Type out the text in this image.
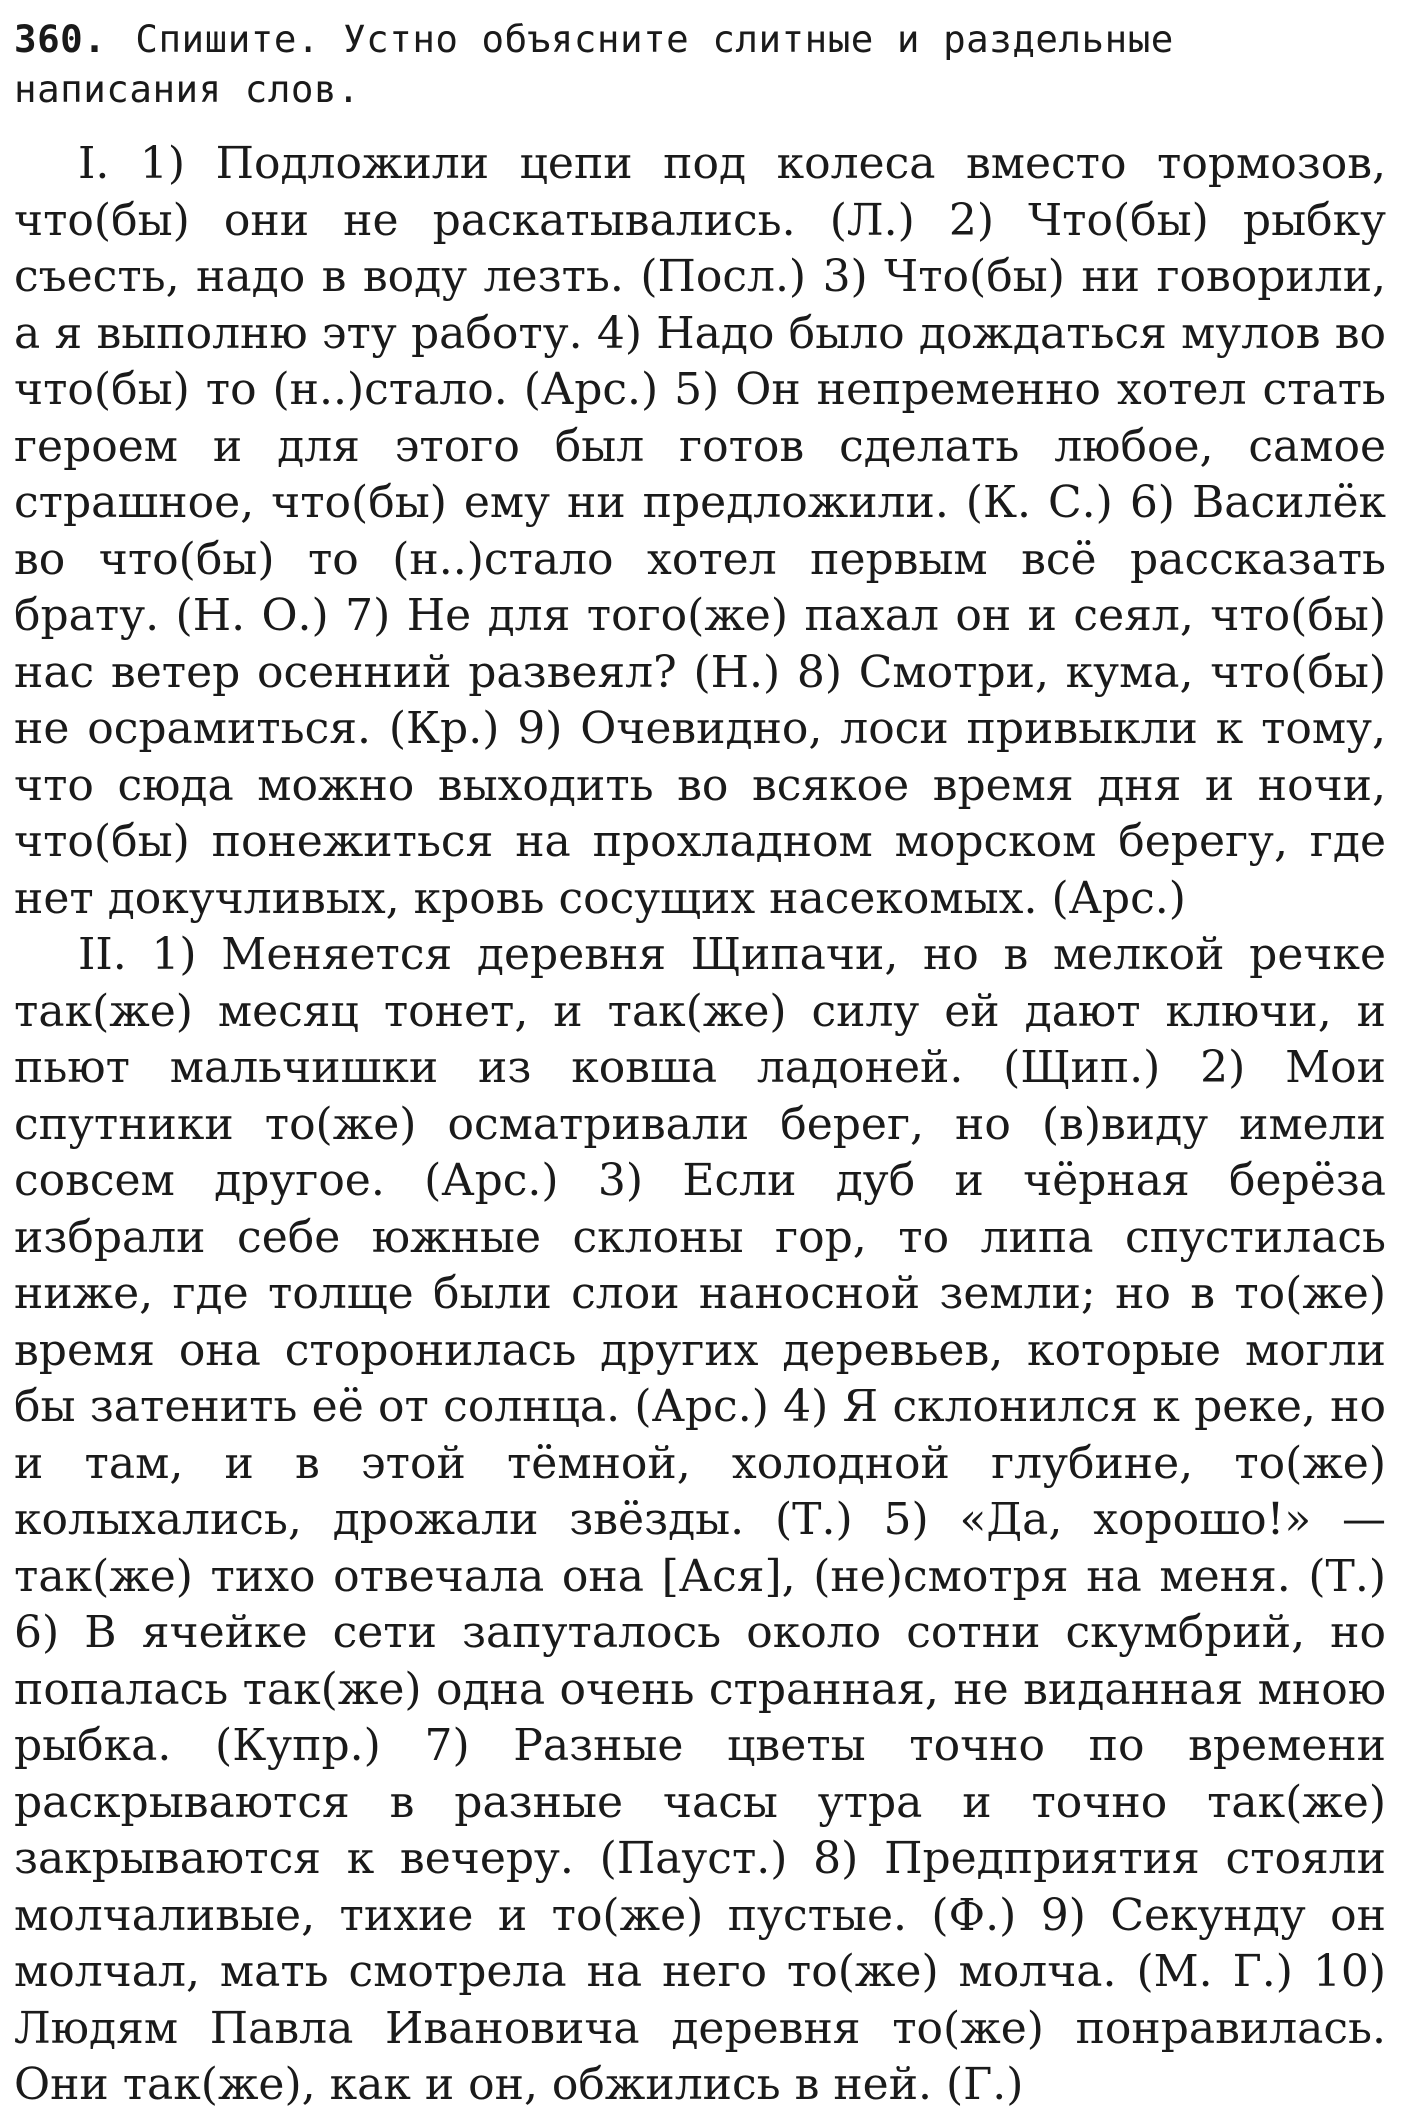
360. Спишите. Устно объясните слитные и раздельные написания слов.

I. 1) Подложили цепи под колеса вместо тормозов, что(бы) они не раскатывались. (Л.) 2) Что(бы) рыбку съесть, надо в воду лезть. (Посл.) 3) Что(бы) ни говорили, а я выполню эту работу. 4) Надо было дождаться мулов во что(бы) то (н..)стало. (Арс.) 5) Он непременно хотел стать героем и для этого был готов сделать любое, самое страшное, что(бы) ему ни предложили. (К. С.) 6) Василёк во что(бы) то (н..)стало хотел первым всё рассказать брату. (Н. О.) 7) Не для того(же) пахал он и сеял, что(бы) нас ветер осенний развеял? (Н.) 8) Смотри, кума, что(бы) не осрамиться. (Кр.) 9) Очевидно, лоси привыкли к тому, что сюда можно выходить во всякое время дня и ночи, что(бы) понежиться на прохладном морском берегу, где нет докучливых, кровь сосущих насекомых. (Арс.)

II. 1) Меняется деревня Щипачи, но в мелкой речке так(же) месяц тонет, и так(же) силу ей дают ключи, и пьют мальчишки из ковша ладоней. (Щип.) 2) Мои спутники то(же) осматривали берег, но (в)виду имели совсем другое. (Арс.) 3) Если дуб и чёрная берёза избрали себе южные склоны гор, то липа спустилась ниже, где толще были слои наносной земли; но в то(же) время она сторонилась других деревьев, которые могли бы затенить её от солнца. (Арс.) 4) Я склонился к реке, но и там, и в этой тёмной, холодной глубине, то(же) колыхались, дрожали звёзды. (Т.) 5) «Да, хорошо!» — так(же) тихо отвечала она [Ася], (не)смотря на меня. (Т.) 6) В ячейке сети запуталось около сотни скумбрий, но попалась так(же) одна очень странная, не виданная мною рыбка. (Купр.) 7) Разные цветы точно по времени раскрываются в разные часы утра и точно так(же) закрываются к вечеру. (Пауст.) 8) Предприятия стояли молчаливые, тихие и то(же) пустые. (Ф.) 9) Секунду он молчал, мать смотрела на него то(же) молча. (М. Г.) 10) Людям Павла Ивановича деревня то(же) понравилась. Они так(же), как и он, обжились в ней. (Г.)
